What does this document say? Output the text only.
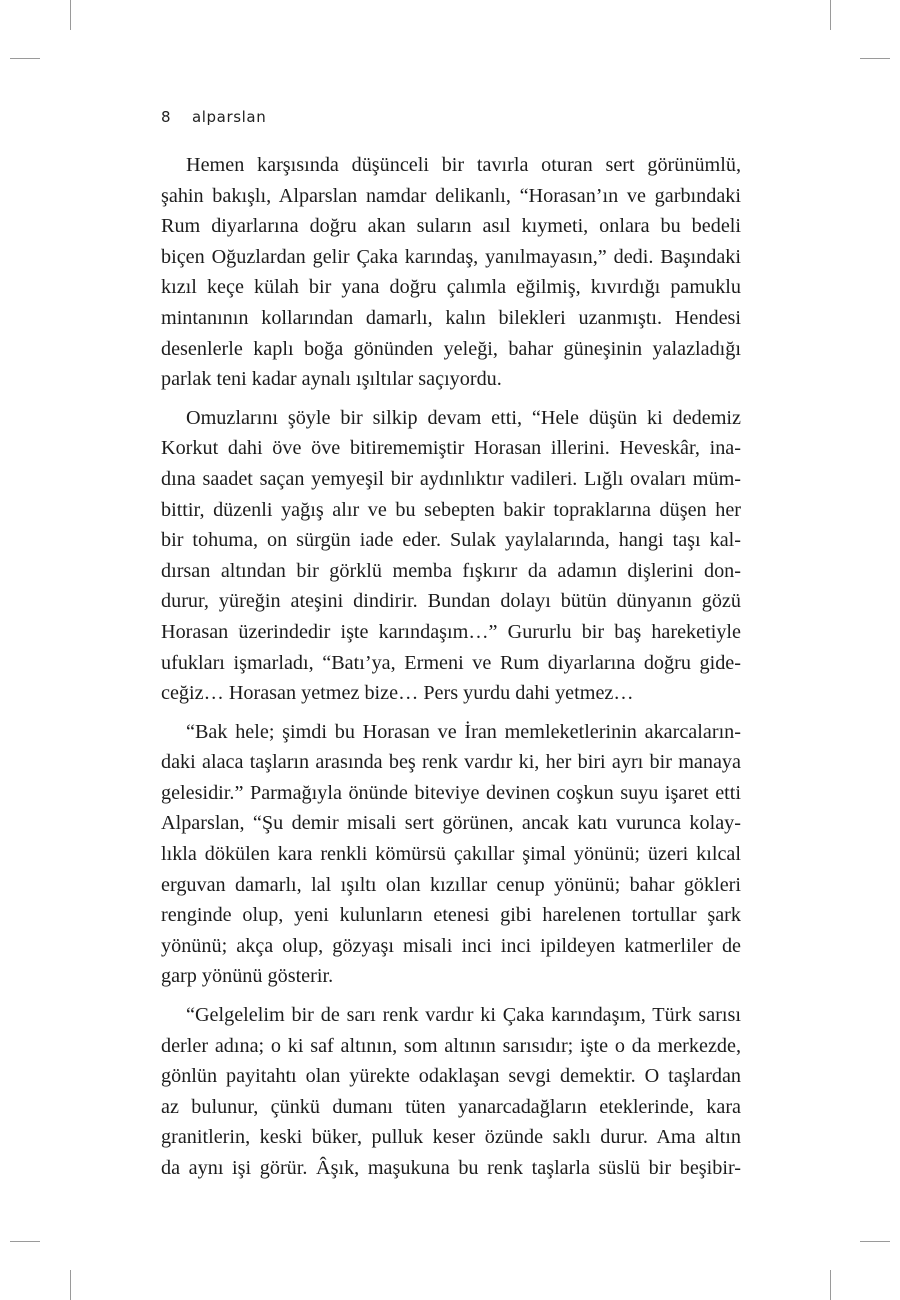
8 alparslan
Hemen karşısında düşünceli bir tavırla oturan sert görünümlü,
şahin bakışlı, Alparslan namdar delikanlı, “Horasan’ın ve garbındaki
Rum diyarlarına doğru akan suların asıl kıymeti, onlara bu bedeli
biçen Oğuzlardan gelir Çaka karındaş, yanılmayasın,” dedi. Başındaki
kızıl keçe külah bir yana doğru çalımla eğilmiş, kıvırdığı pamuklu
mintanının kollarından damarlı, kalın bilekleri uzanmıştı. Hendesi
desenlerle kaplı boğa gönünden yeleği, bahar güneşinin yalazladığı
parlak teni kadar aynalı ışıltılar saçıyordu.
Omuzlarını şöyle bir silkip devam etti, “Hele düşün ki dedemiz
Korkut dahi öve öve bitirememiştir Horasan illerini. Heveskâr, ina-
dına saadet saçan yemyeşil bir aydınlıktır vadileri. Lığlı ovaları müm-
bittir, düzenli yağış alır ve bu sebepten bakir topraklarına düşen her
bir tohuma, on sürgün iade eder. Sulak yaylalarında, hangi taşı kal-
dırsan altından bir görklü memba fışkırır da adamın dişlerini don-
durur, yüreğin ateşini dindirir. Bundan dolayı bütün dünyanın gözü
Horasan üzerindedir işte karındaşım…” Gururlu bir baş hareketiyle
ufukları işmarladı, “Batı’ya, Ermeni ve Rum diyarlarına doğru gide-
ceğiz… Horasan yetmez bize… Pers yurdu dahi yetmez…
“Bak hele; şimdi bu Horasan ve İran memleketlerinin akarcaların-
daki alaca taşların arasında beş renk vardır ki, her biri ayrı bir manaya
gelesidir.” Parmağıyla önünde biteviye devinen coşkun suyu işaret etti
Alparslan, “Şu demir misali sert görünen, ancak katı vurunca kolay-
lıkla dökülen kara renkli kömürsü çakıllar şimal yönünü; üzeri kılcal
erguvan damarlı, lal ışıltı olan kızıllar cenup yönünü; bahar gökleri
renginde olup, yeni kulunların etenesi gibi harelenen tortullar şark
yönünü; akça olup, gözyaşı misali inci inci ipildeyen katmerliler de
garp yönünü gösterir.
“Gelgelelim bir de sarı renk vardır ki Çaka karındaşım, Türk sarısı
derler adına; o ki saf altının, som altının sarısıdır; işte o da merkezde,
gönlün payitahtı olan yürekte odaklaşan sevgi demektir. O taşlardan
az bulunur, çünkü dumanı tüten yanarcadağların eteklerinde, kara
granitlerin, keski büker, pulluk keser özünde saklı durur. Ama altın
da aynı işi görür. Âşık, maşukuna bu renk taşlarla süslü bir beşibir-
